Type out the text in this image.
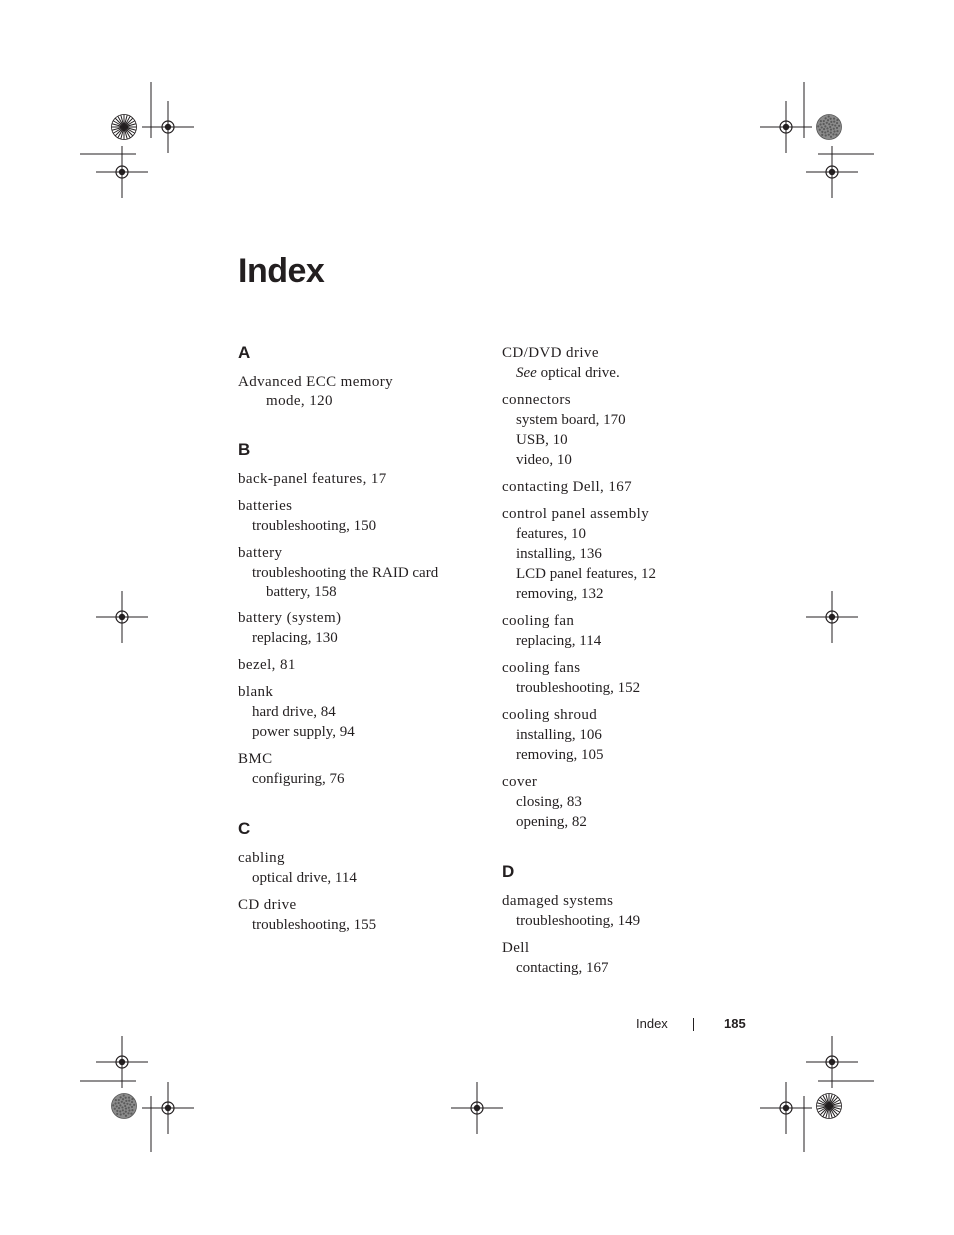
Index
A
Advanced ECC memory
mode, 120
B
back-panel features, 17
batteries
troubleshooting, 150
battery
troubleshooting the RAID card
battery, 158
battery (system)
replacing, 130
bezel, 81
blank
hard drive, 84
power supply, 94
BMC
configuring, 76
C
cabling
optical drive, 114
CD drive
troubleshooting, 155
CD/DVD drive
See optical drive.
connectors
system board, 170
USB, 10
video, 10
contacting Dell, 167
control panel assembly
features, 10
installing, 136
LCD panel features, 12
removing, 132
cooling fan
replacing, 114
cooling fans
troubleshooting, 152
cooling shroud
installing, 106
removing, 105
cover
closing, 83
opening, 82
D
damaged systems
troubleshooting, 149
Dell
contacting, 167
Index	185
